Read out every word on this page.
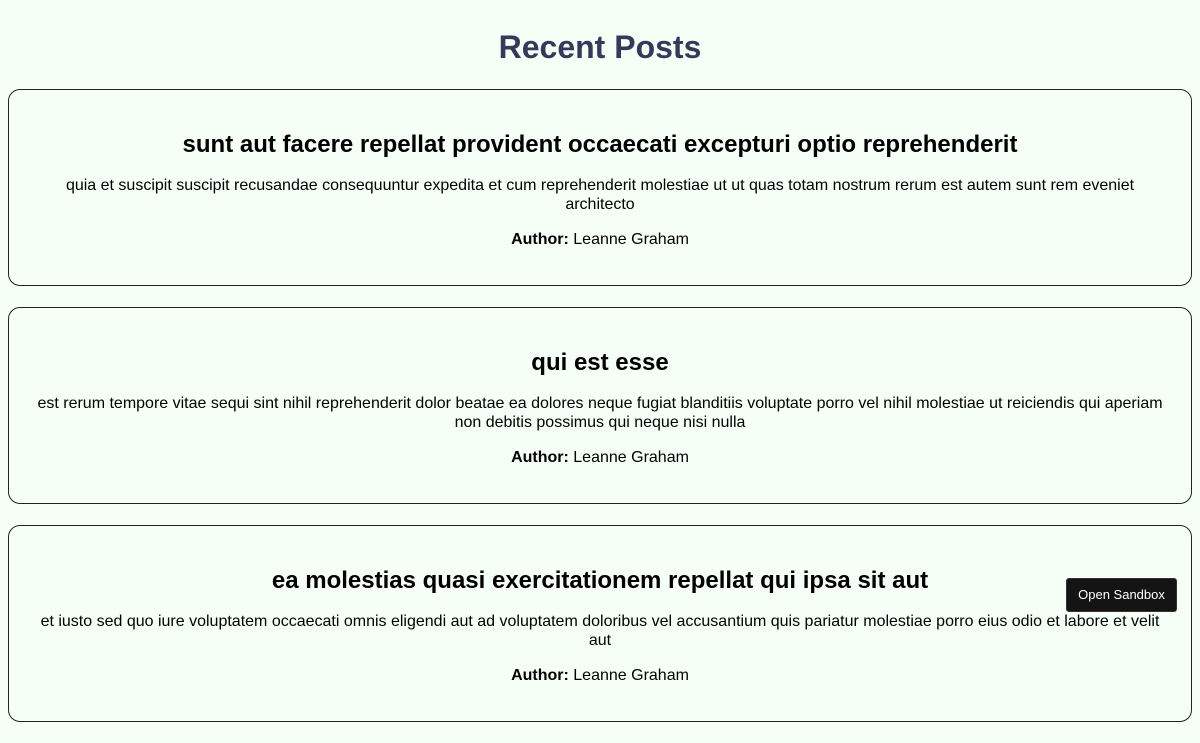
Recent Posts
sunt aut facere repellat provident occaecati excepturi optio reprehenderit

quia et suscipit suscipit recusandae consequuntur expedita et cum reprehenderit molestiae ut ut quas totam nostrum rerum est autem sunt rem eveniet architecto

Author: Leanne Graham

qui est esse

est rerum tempore vitae sequi sint nihil reprehenderit dolor beatae ea dolores neque fugiat blanditiis voluptate porro vel nihil molestiae ut reiciendis qui aperiam non debitis possimus qui neque nisi nulla

Author: Leanne Graham

ea molestias quasi exercitationem repellat qui ipsa sit aut

et iusto sed quo iure voluptatem occaecati omnis eligendi aut ad voluptatem doloribus vel accusantium quis pariatur molestiae porro eius odio et labore et velit aut

Author: Leanne Graham

Open Sandbox
